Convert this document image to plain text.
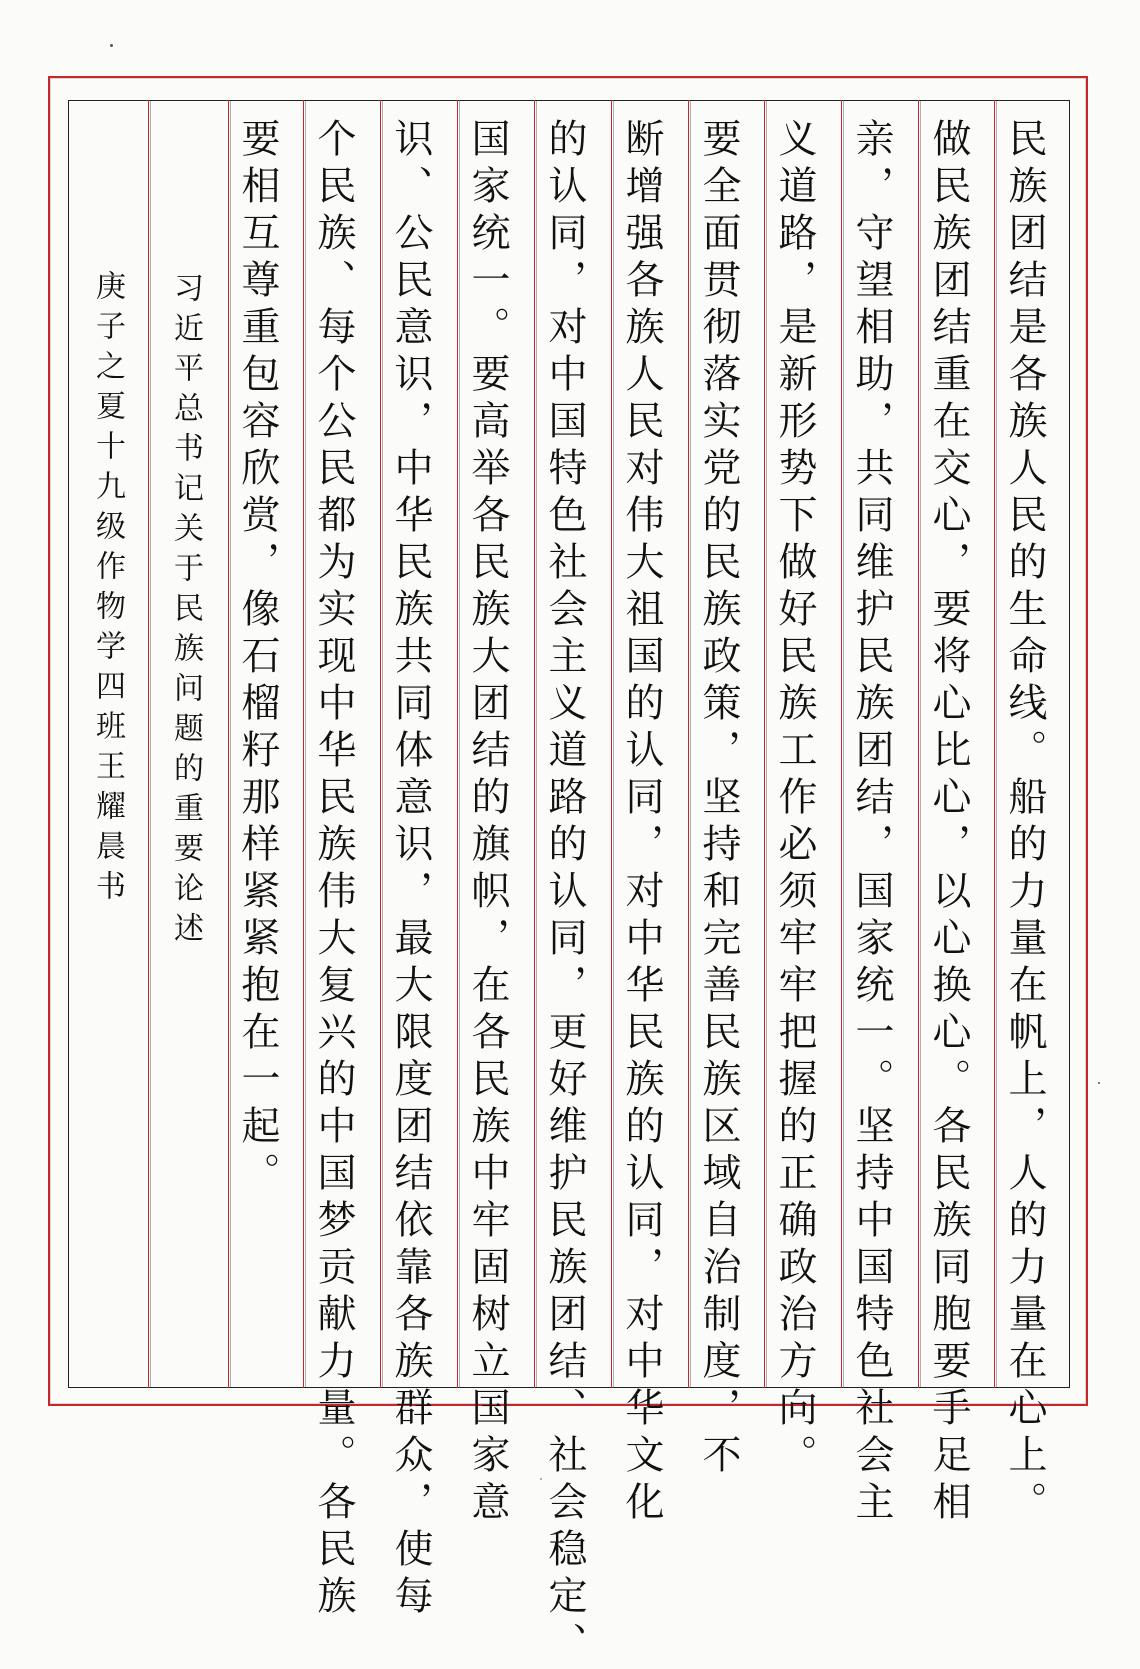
民族团结是各族人民的生命线。船的力量在帆上，人的力量在心上。
做民族团结重在交心，要将心比心，以心换心。各民族同胞要手足相
亲，守望相助，共同维护民族团结，国家统一。坚持中国特色社会主
义道路，是新形势下做好民族工作必须牢牢把握的正确政治方向。
要全面贯彻落实党的民族政策，坚持和完善民族区域自治制度，不
断增强各族人民对伟大祖国的认同，对中华民族的认同，对中华文化
的认同，对中国特色社会主义道路的认同，更好维护民族团结、社会稳定、
国家统一。要高举各民族大团结的旗帜，在各民族中牢固树立国家意
识、公民意识，中华民族共同体意识，最大限度团结依靠各族群众，使每
个民族、每个公民都为实现中华民族伟大复兴的中国梦贡献力量。各民族
要相互尊重包容欣赏，像石榴籽那样紧紧抱在一起。
习近平总书记关于民族问题的重要论述
庚子之夏十九级作物学四班王耀晨书
